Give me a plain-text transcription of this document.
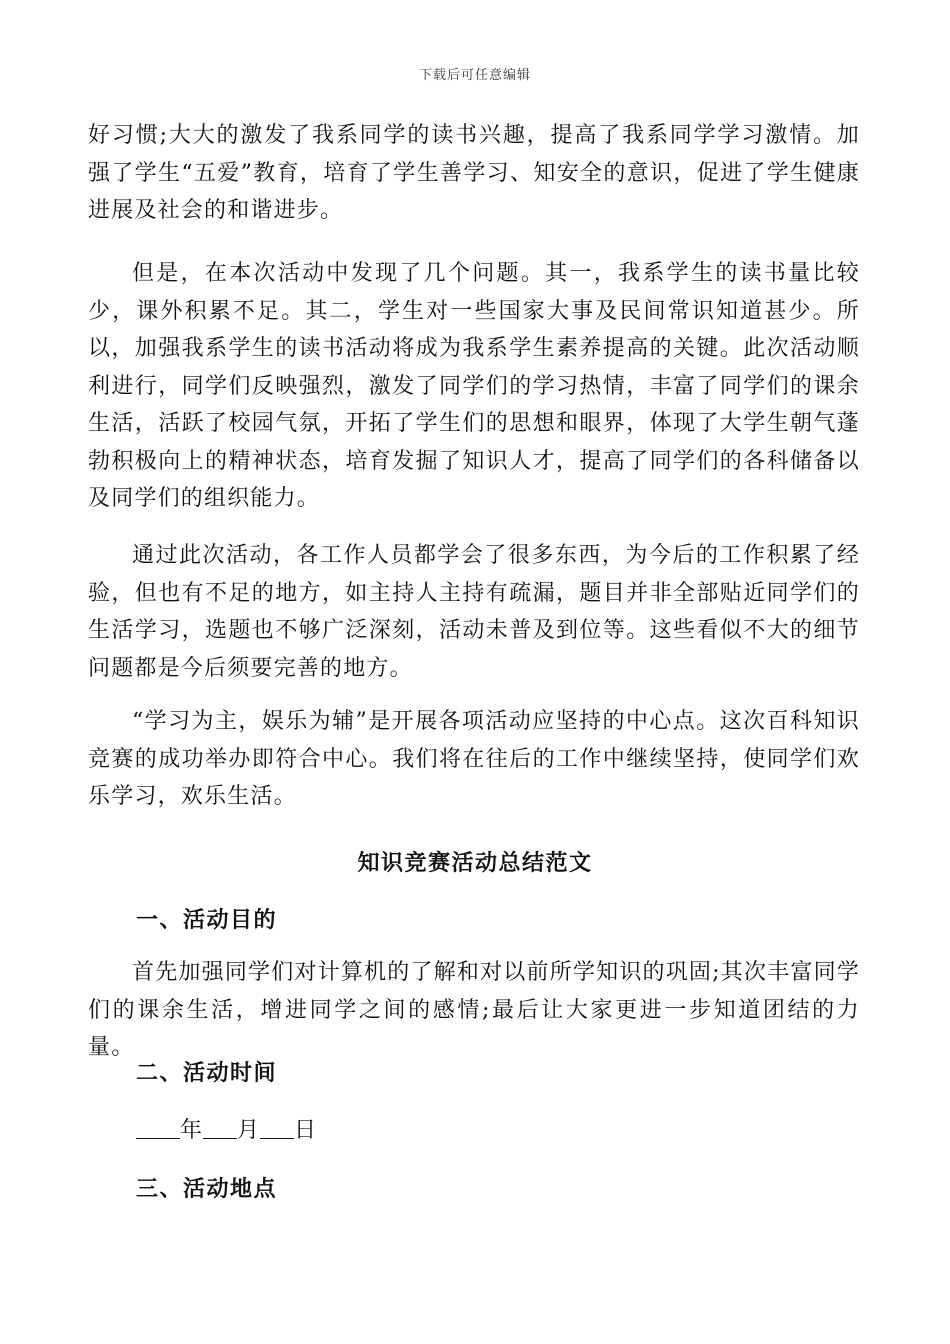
下载后可任意编辑

好习惯;大大的激发了我系同学的读书兴趣，提高了我系同学学习激情。加强了学生“五爱”教育，培育了学生善学习、知安全的意识，促进了学生健康进展及社会的和谐进步。

但是，在本次活动中发现了几个问题。其一，我系学生的读书量比较少，课外积累不足。其二，学生对一些国家大事及民间常识知道甚少。所以，加强我系学生的读书活动将成为我系学生素养提高的关键。此次活动顺利进行，同学们反映强烈，激发了同学们的学习热情，丰富了同学们的课余生活，活跃了校园气氛，开拓了学生们的思想和眼界，体现了大学生朝气蓬勃积极向上的精神状态，培育发掘了知识人才，提高了同学们的各科储备以及同学们的组织能力。

通过此次活动，各工作人员都学会了很多东西，为今后的工作积累了经验，但也有不足的地方，如主持人主持有疏漏，题目并非全部贴近同学们的生活学习，选题也不够广泛深刻，活动未普及到位等。这些看似不大的细节问题都是今后须要完善的地方。

“学习为主，娱乐为辅”是开展各项活动应坚持的中心点。这次百科知识竞赛的成功举办即符合中心。我们将在往后的工作中继续坚持，使同学们欢乐学习，欢乐生活。

知识竞赛活动总结范文
一、活动目的

首先加强同学们对计算机的了解和对以前所学知识的巩固;其次丰富同学们的课余生活，增进同学之间的感情;最后让大家更进一步知道团结的力量。

二、活动时间

年 月 日

三、活动地点
